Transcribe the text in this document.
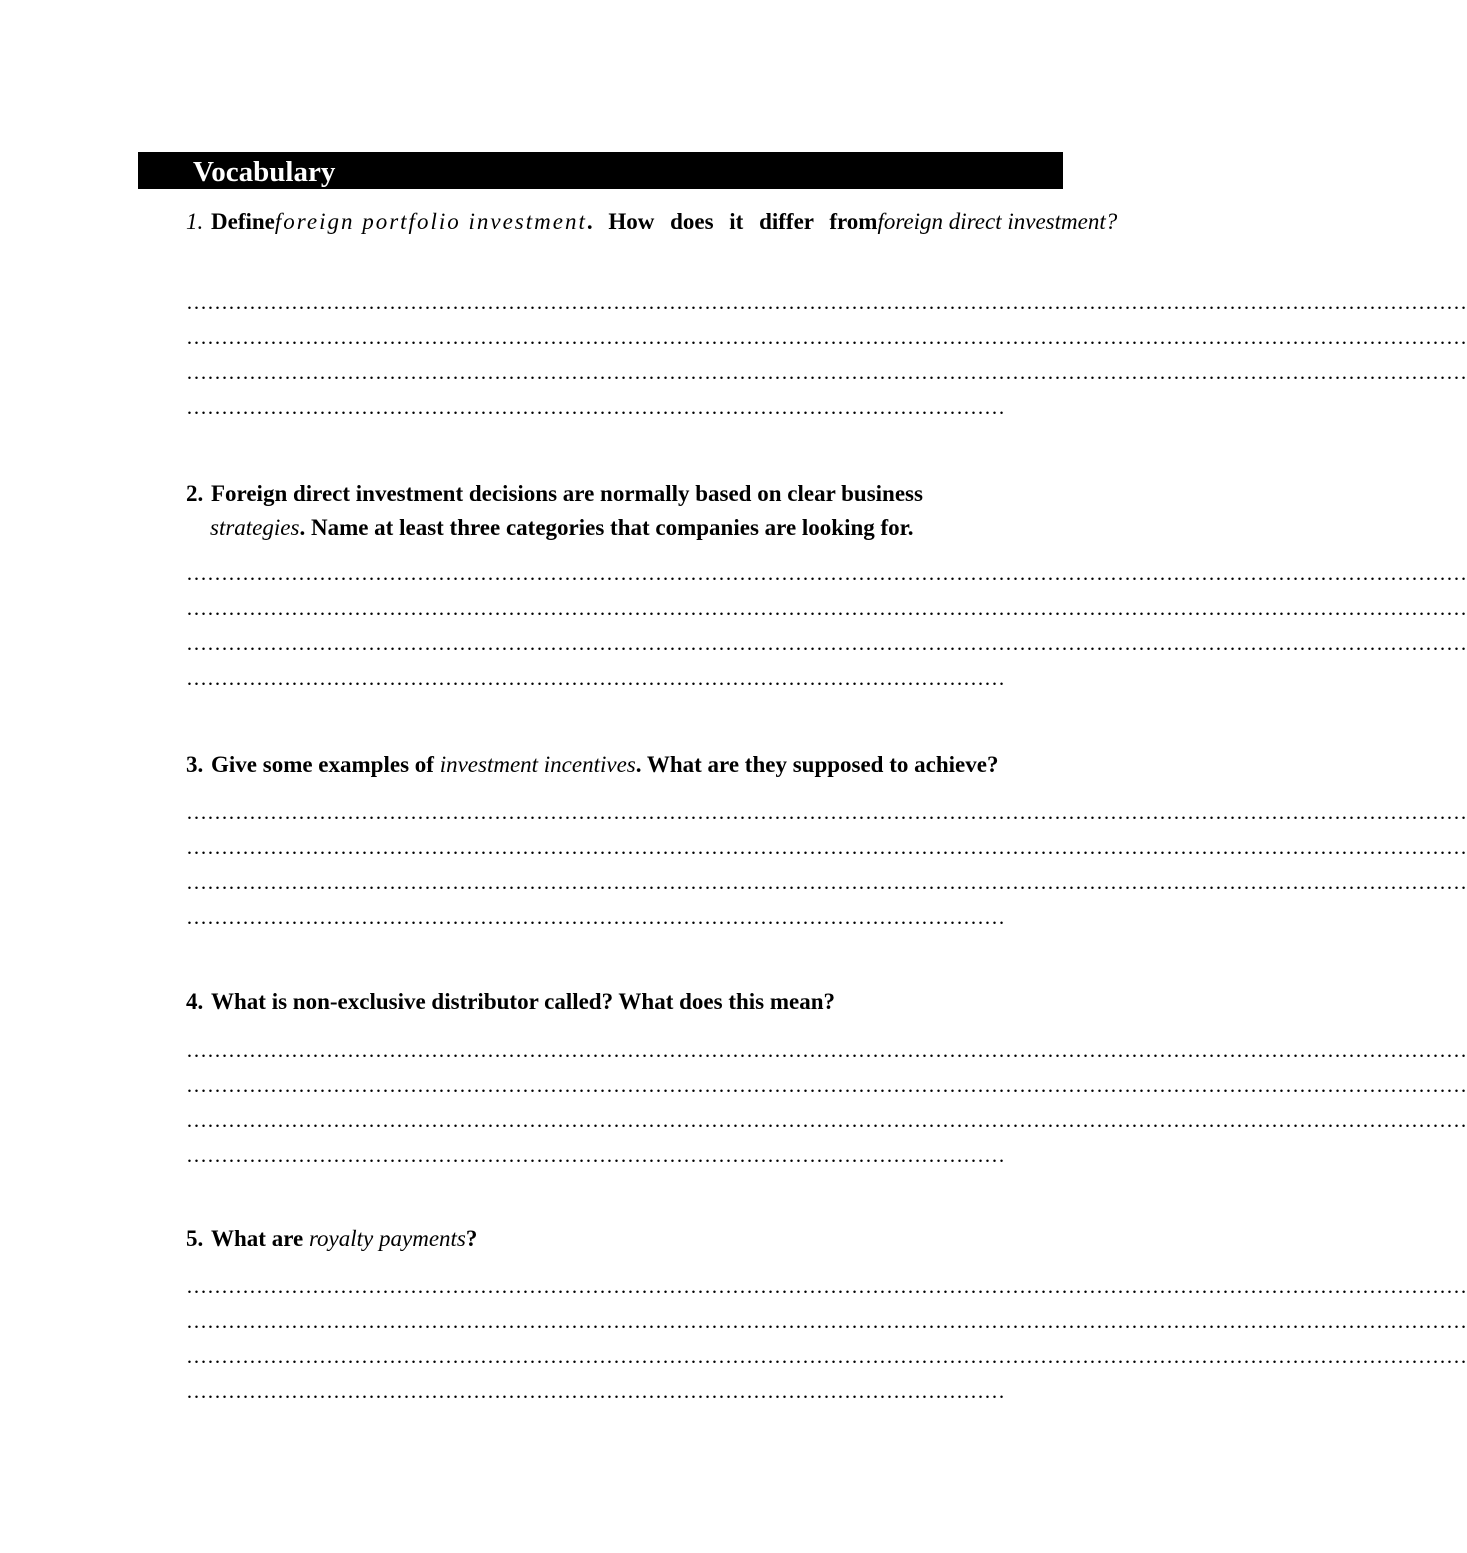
Vocabulary
1. Define foreign portfolio investment . How does it differ from foreign direct investment?
…………………………………………………………………………………………………………………………………………………………………
…………………………………………………………………………………………………………………………………………………………………
…………………………………………………………………………………………………………………………………………………………………
………………………………………………………………………………………………………
2. Foreign direct investment decisions are normally based on clear business
strategies. Name at least three categories that companies are looking for.
…………………………………………………………………………………………………………………………………………………………………
…………………………………………………………………………………………………………………………………………………………………
…………………………………………………………………………………………………………………………………………………………………
………………………………………………………………………………………………………
3. Give some examples of investment incentives. What are they supposed to achieve?
…………………………………………………………………………………………………………………………………………………………………
…………………………………………………………………………………………………………………………………………………………………
…………………………………………………………………………………………………………………………………………………………………
………………………………………………………………………………………………………
4. What is non-exclusive distributor called? What does this mean?
…………………………………………………………………………………………………………………………………………………………………
…………………………………………………………………………………………………………………………………………………………………
…………………………………………………………………………………………………………………………………………………………………
………………………………………………………………………………………………………
5. What are royalty payments?
…………………………………………………………………………………………………………………………………………………………………
…………………………………………………………………………………………………………………………………………………………………
…………………………………………………………………………………………………………………………………………………………………
………………………………………………………………………………………………………
